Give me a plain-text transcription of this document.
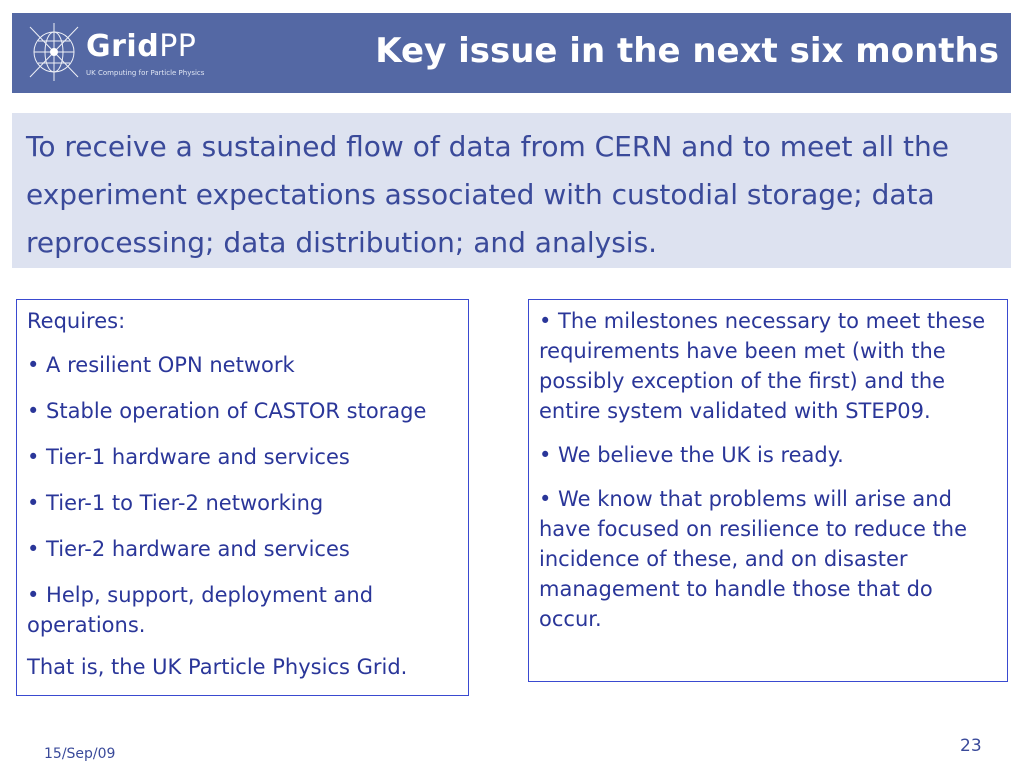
GridPP
UK Computing for Particle Physics
Key issue in the next six months

To receive a sustained flow of data from CERN and to meet all the experiment expectations associated with custodial storage; data reprocessing; data distribution; and analysis.

Requires:

• A resilient OPN network

• Stable operation of CASTOR storage

• Tier-1 hardware and services

• Tier-1 to Tier-2 networking

• Tier-2 hardware and services

• Help, support, deployment and operations.

That is, the UK Particle Physics Grid.

• The milestones necessary to meet these requirements have been met (with the possibly exception of the first) and the entire system validated with STEP09.

• We believe the UK is ready.

• We know that problems will arise and have focused on resilience to reduce the incidence of these, and on disaster management to handle those that do occur.

15/Sep/09	23
